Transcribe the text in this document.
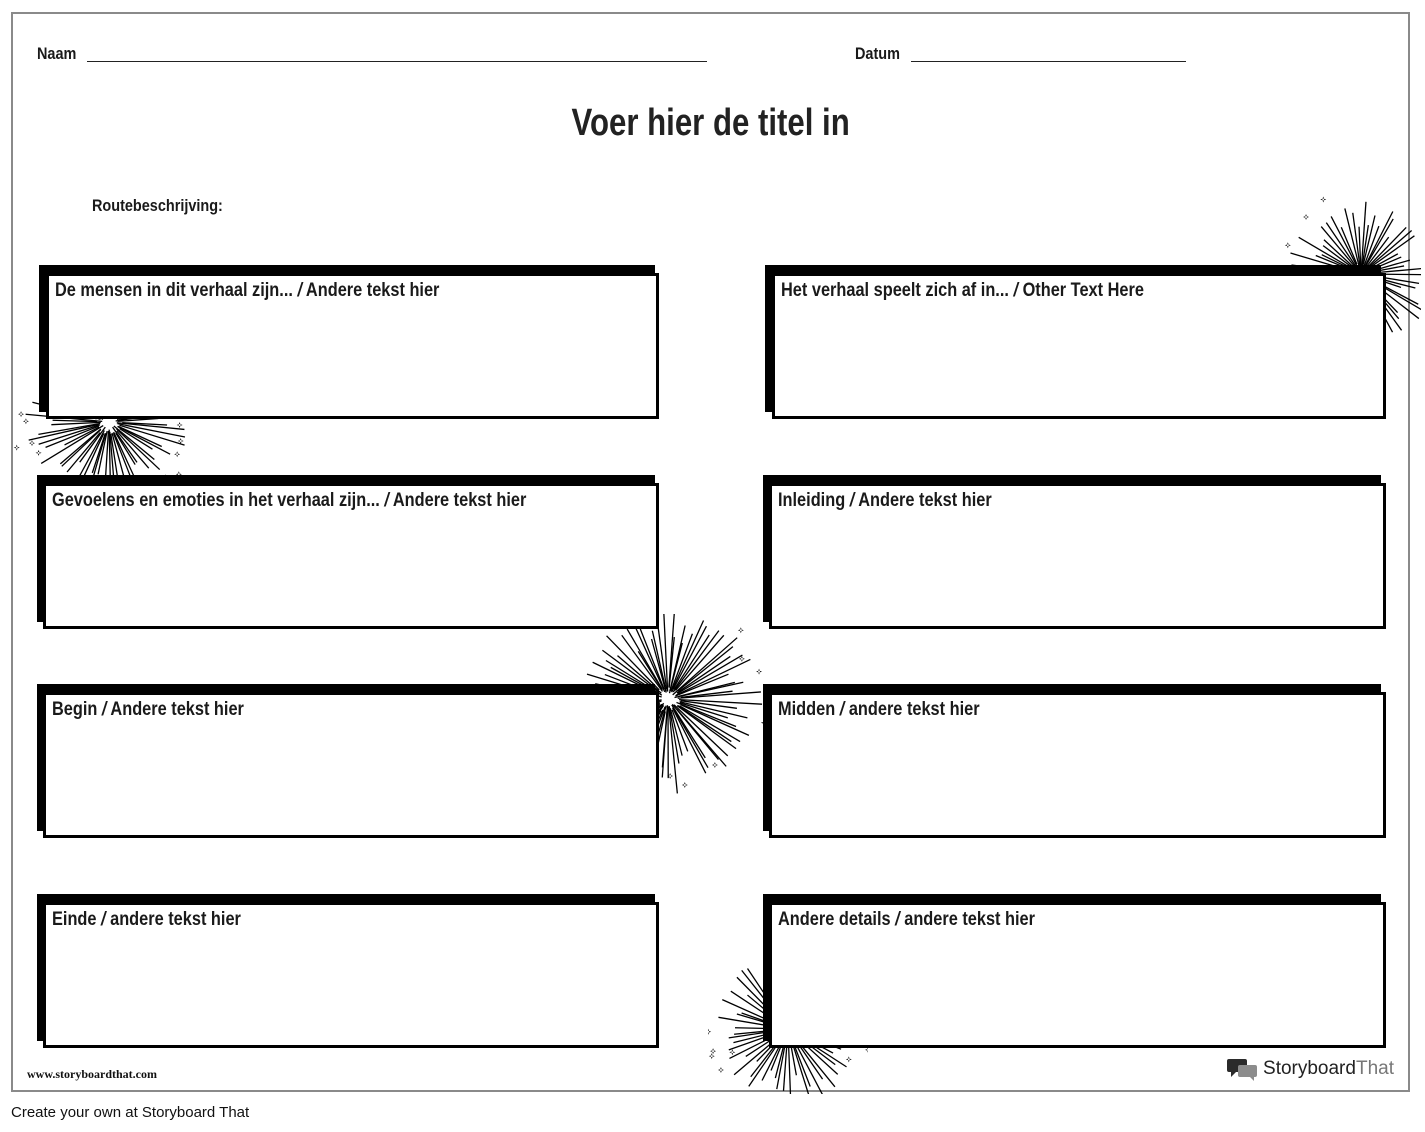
Naam	Datum
Voer hier de titel in
Routebeschrijving:
De mensen in dit verhaal zijn... / Andere tekst hier
Gevoelens en emoties in het verhaal zijn... / Andere tekst hier
Begin / Andere tekst hier
Einde / andere tekst hier
Het verhaal speelt zich af in... / Other Text Here
Inleiding / Andere tekst hier
Midden / andere tekst hier
Andere details / andere tekst hier
www.storyboardthat.com	StoryboardThat
Create your own at Storyboard That
